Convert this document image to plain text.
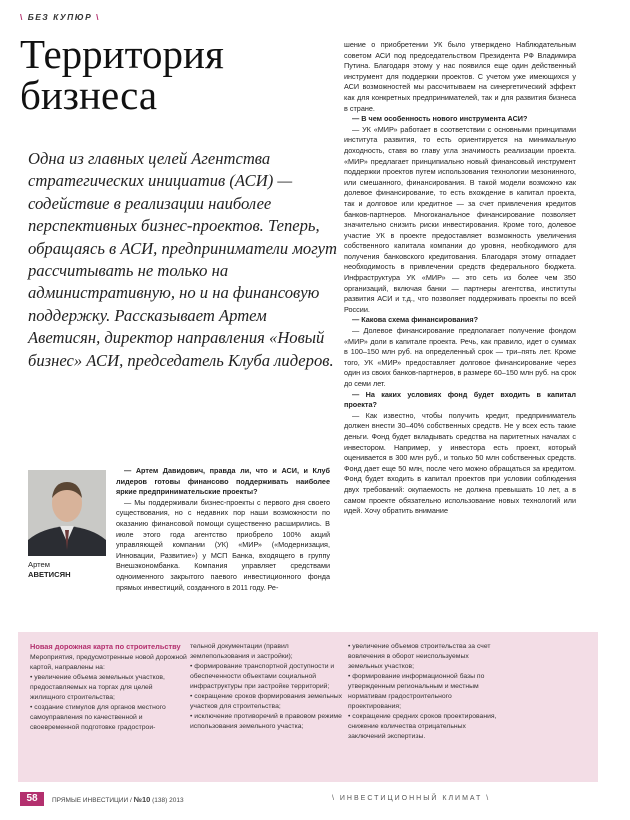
\ БЕЗ КУПЮР \
Территория
бизнеса

Одна из главных целей Агентства стратегических инициатив (АСИ) — содействие в реализации наиболее перспективных бизнес-проектов. Теперь, обращаясь в АСИ, предприниматели могут рассчитывать не только на административную, но и на финансовую поддержку. Рассказывает Артем Аветисян, директор направления «Новый бизнес» АСИ, председатель Клуба лидеров.

Артем
АВЕТИСЯН

— Артем Давидович, правда ли, что и АСИ, и Клуб лидеров готовы финансово поддерживать наиболее яркие предпринимательские проекты?

— Мы поддерживали бизнес-проекты с первого дня своего существования, но с недавних пор наши возможности по оказанию финансовой помощи существенно расширились. В июле этого года агентство приобрело 100% акций управляющей компании (УК) «МИР» («Модернизация, Инновации, Развитие») у МСП Банка, входящего в группу Внешэкономбанка. Компания управляет средствами одноименного закрытого паевого инвестиционного фонда прямых инвестиций, созданного в 2011 году. Ре-

шение о приобретении УК было утверждено Наблюдательным советом АСИ под председательством Президента РФ Владимира Путина. Благодаря этому у нас появился еще один действенный инструмент для поддержки проектов. С учетом уже имеющихся у АСИ возможностей мы рассчитываем на синергетический эффект как для конкретных предпринимателей, так и для развития бизнеса в стране.

— В чем особенность нового инструмента АСИ?

— УК «МИР» работает в соответствии с основными принципами института развития, то есть ориентируется на минимальную доходность, ставя во главу угла значимость реализации проекта. «МИР» предлагает принципиально новый финансовый инструмент поддержки проектов путем использования технологии мезонинного, или смешанного, финансирования. В такой модели возможно как долевое финансирование, то есть вхождение в капитал проекта, так и долговое или кредитное — за счет привлечения кредитов банков-партнеров. Многоканальное финансирование позволяет значительно снизить риски инвестирования. Кроме того, долевое участие УК в проекте предоставляет возможность увеличения собственного капитала компании до уровня, необходимого для получения банковского кредитования. Благодаря этому отпадает необходимость в привлечении средств федерального бюджета. Инфраструктура УК «МИР» — это сеть из более чем 350 организаций, включая банки — партнеры агентства, институты развития АСИ и т.д., что позволяет поддерживать проекты по всей России.

— Какова схема финансирования?

— Долевое финансирование предполагает получение фондом «МИР» доли в капитале проекта. Речь, как правило, идет о суммах в 100–150 млн руб. на определенный срок — три–пять лет. Кроме того, УК «МИР» предоставляет долговое финансирование через один из своих банков-партнеров, в размере 60–150 млн руб. на срок до семи лет.

— На каких условиях фонд будет входить в капитал проекта?

— Как известно, чтобы получить кредит, предприниматель должен внести 30–40% собственных средств. Не у всех есть такие деньги. Фонд будет вкладывать средства на паритетных началах с инвестором. Например, у инвестора есть проект, который оценивается в 300 млн руб., и только 50 млн собственных средств. Фонд дает еще 50 млн, после чего можно обращаться за кредитом. Фонд будет входить в капитал проектов при условии соблюдения двух требований: окупаемость не должна превышать 10 лет, а в самом проекте обязательно использование новых технологий или идей. Хочу обратить внимание

Новая дорожная карта по строительству

Мероприятия, предусмотренные новой дорожной картой, направлены на:

• увеличение объема земельных участков, предоставляемых на торгах для целей жилищного строительства;

• создание стимулов для органов местного самоуправления по качественной и своевременной подготовке градострои-

тельной документации (правил землепользования и застройки);

• формирование транспортной доступности и обеспеченности объектами социальной инфраструктуры при застройке территорий;

• сокращение сроков формирования земельных участков для строительства;

• исключение противоречий в правовом режиме использования земельного участка;

• увеличение объемов строительства за счет вовлечения в оборот неиспользуемых земельных участков;

• формирование информационной базы по утвержденным региональным и местным нормативам градостроительного проектирования;

• сокращение средних сроков проектирования, снижение количества отрицательных заключений экспертизы.

58	ПРЯМЫЕ ИНВЕСТИЦИИ / №10 (138) 2013	\ ИНВЕСТИЦИОННЫЙ КЛИМАТ \
